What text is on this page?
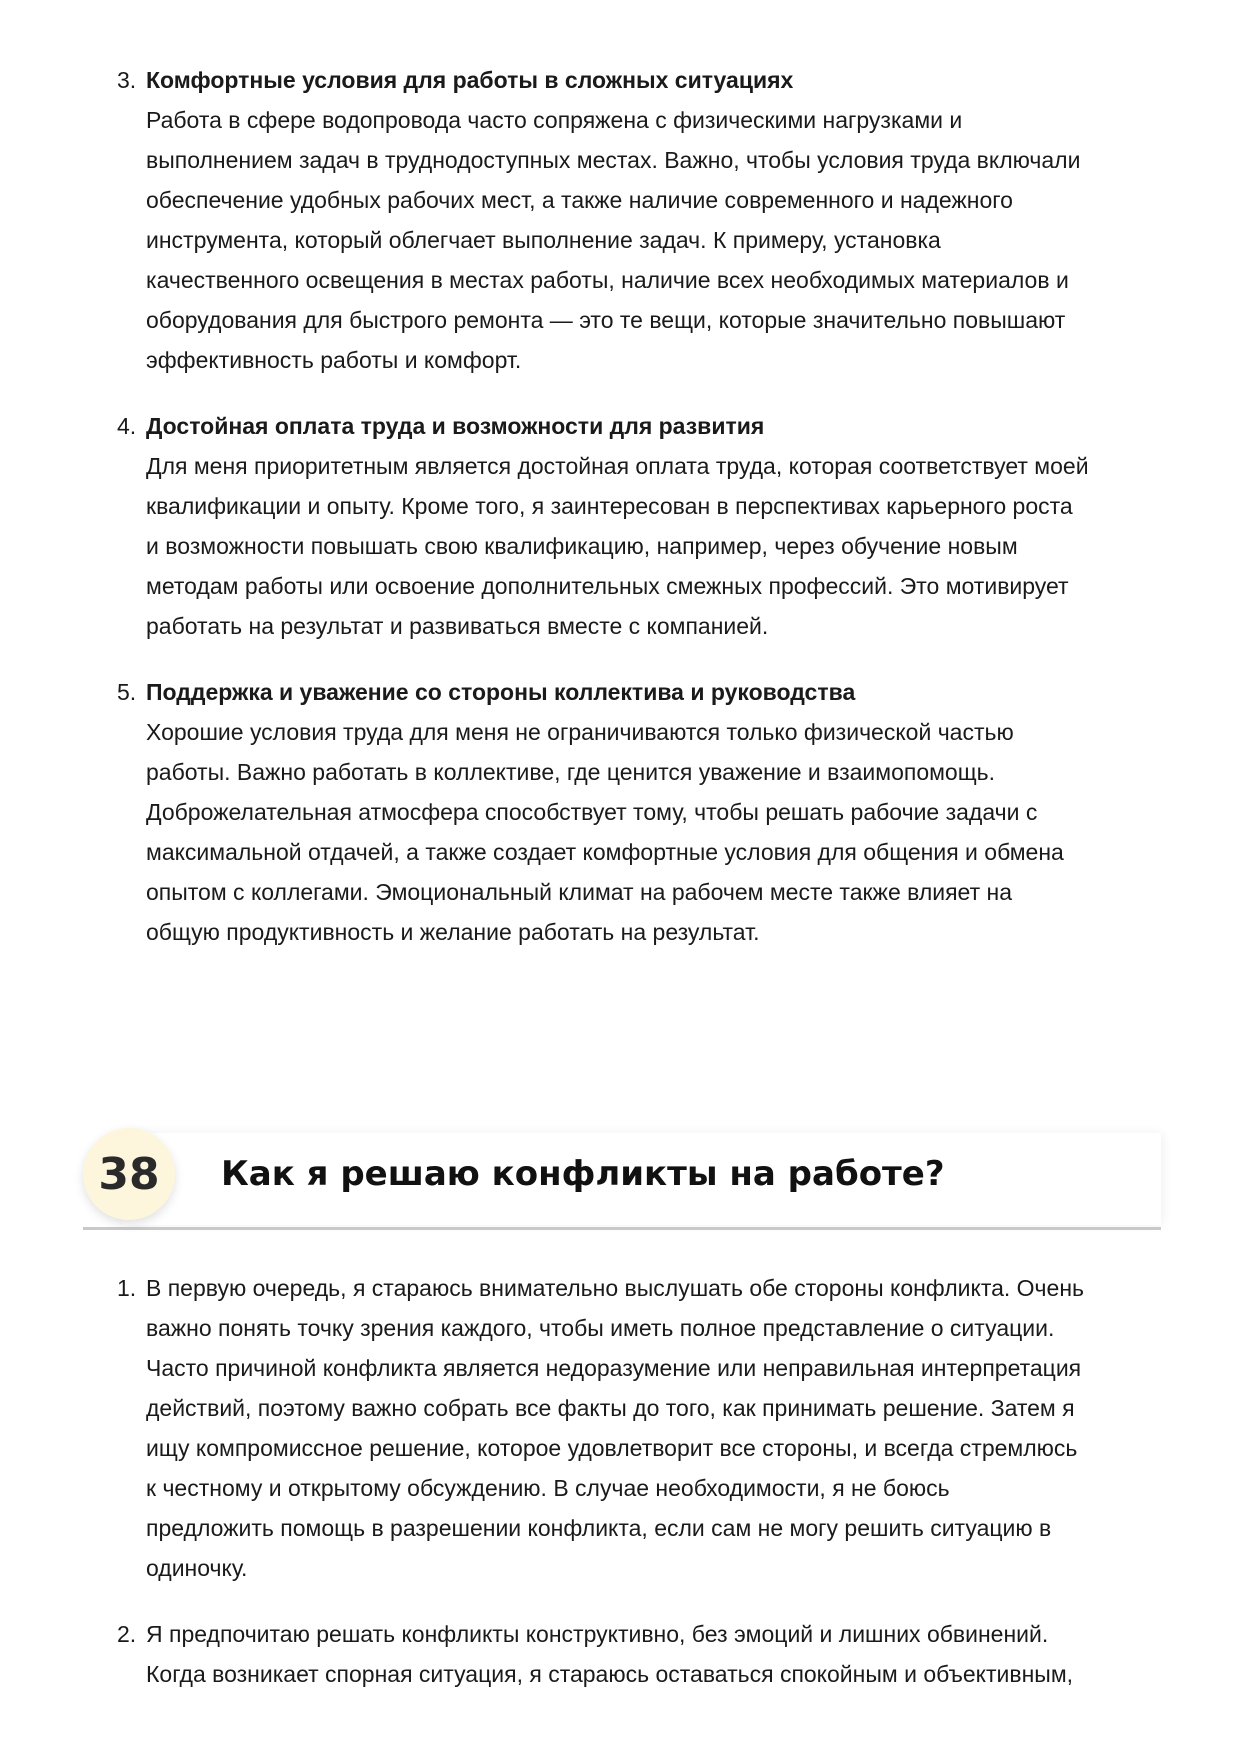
3. Комфортные условия для работы в сложных ситуациях
Работа в сфере водопровода часто сопряжена с физическими нагрузками и
выполнением задач в труднодоступных местах. Важно, чтобы условия труда включали
обеспечение удобных рабочих мест, а также наличие современного и надежного
инструмента, который облегчает выполнение задач. К примеру, установка
качественного освещения в местах работы, наличие всех необходимых материалов и
оборудования для быстрого ремонта — это те вещи, которые значительно повышают
эффективность работы и комфорт.
4. Достойная оплата труда и возможности для развития
Для меня приоритетным является достойная оплата труда, которая соответствует моей
квалификации и опыту. Кроме того, я заинтересован в перспективах карьерного роста
и возможности повышать свою квалификацию, например, через обучение новым
методам работы или освоение дополнительных смежных профессий. Это мотивирует
работать на результат и развиваться вместе с компанией.
5. Поддержка и уважение со стороны коллектива и руководства
Хорошие условия труда для меня не ограничиваются только физической частью
работы. Важно работать в коллективе, где ценится уважение и взаимопомощь.
Доброжелательная атмосфера способствует тому, чтобы решать рабочие задачи с
максимальной отдачей, а также создает комфортные условия для общения и обмена
опытом с коллегами. Эмоциональный климат на рабочем месте также влияет на
общую продуктивность и желание работать на результат.
38	Как я решаю конфликты на работе?
1. В первую очередь, я стараюсь внимательно выслушать обе стороны конфликта. Очень
важно понять точку зрения каждого, чтобы иметь полное представление о ситуации.
Часто причиной конфликта является недоразумение или неправильная интерпретация
действий, поэтому важно собрать все факты до того, как принимать решение. Затем я
ищу компромиссное решение, которое удовлетворит все стороны, и всегда стремлюсь
к честному и открытому обсуждению. В случае необходимости, я не боюсь
предложить помощь в разрешении конфликта, если сам не могу решить ситуацию в
одиночку.
2. Я предпочитаю решать конфликты конструктивно, без эмоций и лишних обвинений.
Когда возникает спорная ситуация, я стараюсь оставаться спокойным и объективным,
